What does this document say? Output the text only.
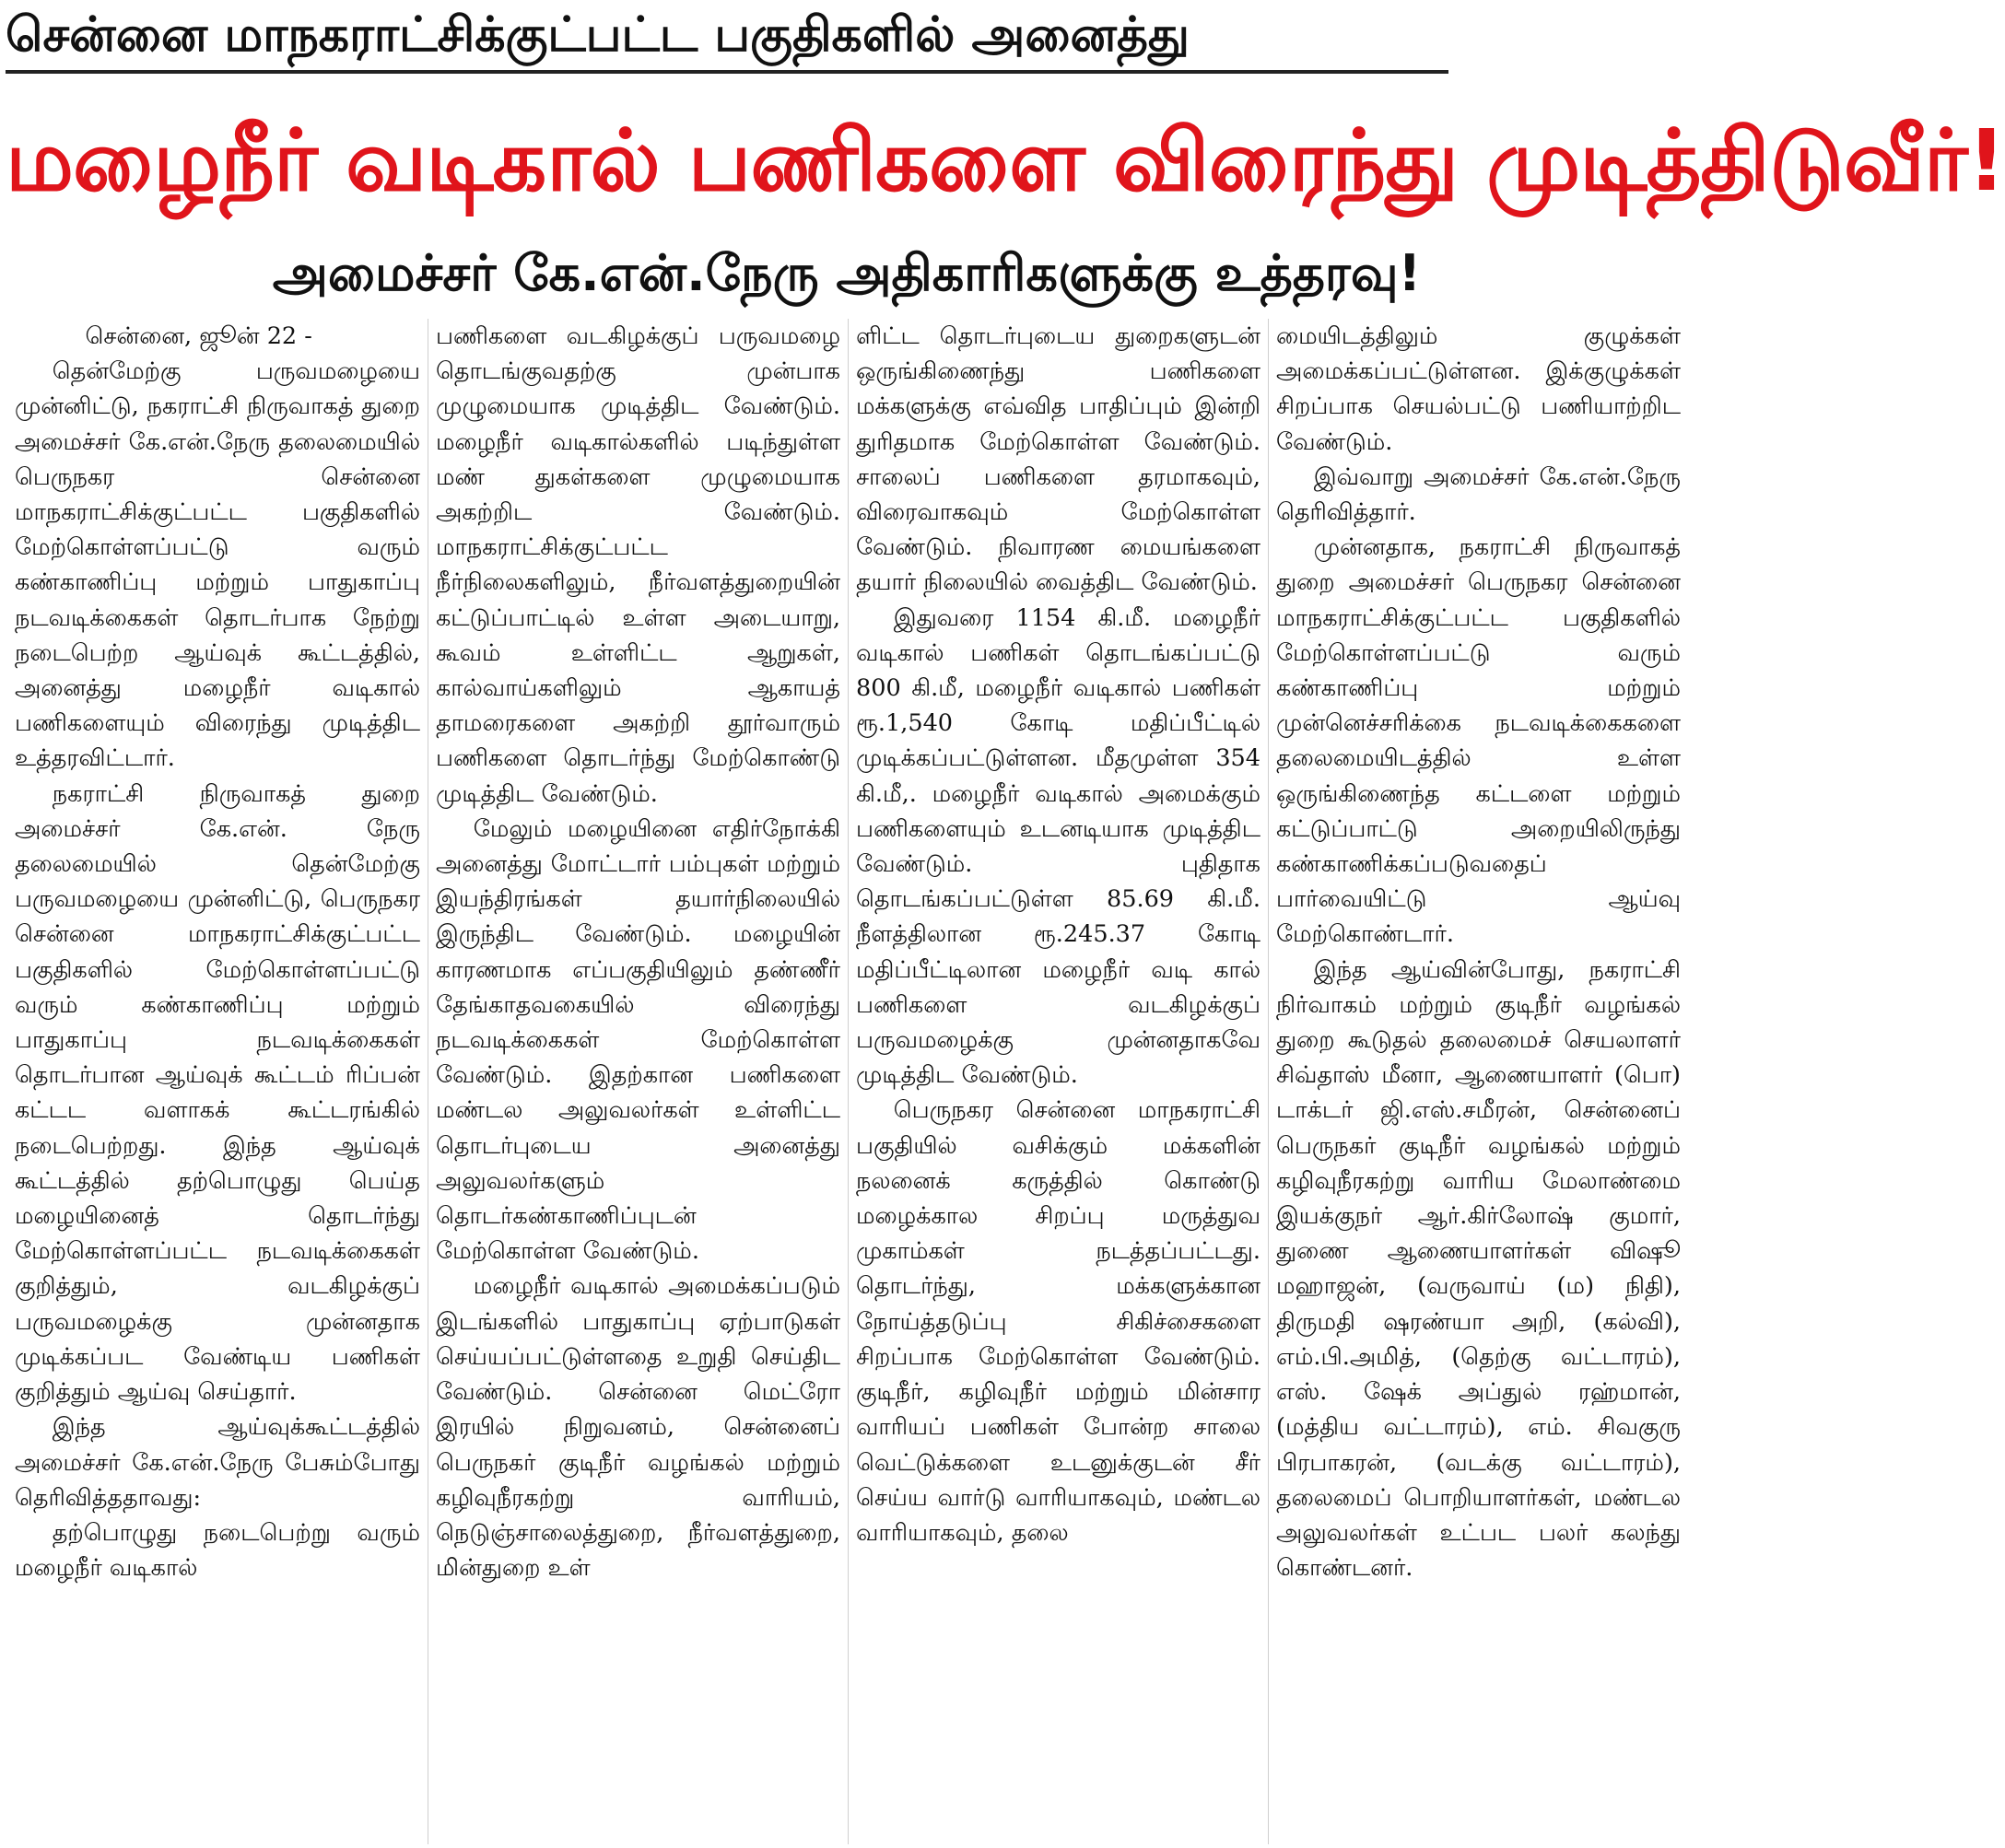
சென்னை மாநகராட்சிக்குட்பட்ட பகுதிகளில் அனைத்து
மழைநீர் வடிகால் பணிகளை விரைந்து முடித்திடுவீர்!
அமைச்சர் கே.என்.நேரு அதிகாரிகளுக்கு உத்தரவு!

சென்னை, ஜூன் 22 -

தென்மேற்கு பருவமழையை முன்னிட்டு, நகராட்சி நிருவாகத் துறை அமைச்சர் கே.என்.நேரு தலைமையில் பெருநகர சென்னை மாநகராட்சிக்குட்பட்ட பகுதிகளில் மேற்கொள்ளப்பட்டு வரும் கண்காணிப்பு மற்றும் பாதுகாப்பு நடவடிக்கைகள் தொடர்பாக நேற்று நடைபெற்ற ஆய்வுக் கூட்டத்தில், அனைத்து மழைநீர் வடிகால் பணிகளையும் விரைந்து முடித்திட உத்தரவிட்டார்.

நகராட்சி நிருவாகத் துறை அமைச்சர் கே.என். நேரு தலைமையில் தென்மேற்கு பருவமழையை முன்னிட்டு, பெருநகர சென்னை மாநகராட்சிக்குட்பட்ட பகுதிகளில் மேற்கொள்ளப்பட்டு வரும் கண்காணிப்பு மற்றும் பாதுகாப்பு நடவடிக்கைகள் தொடர்பான ஆய்வுக் கூட்டம் ரிப்பன் கட்டட வளாகக் கூட்டரங்கில் நடைபெற்றது. இந்த ஆய்வுக் கூட்டத்தில் தற்பொழுது பெய்த மழையினைத் தொடர்ந்து மேற்கொள்ளப்பட்ட நடவடிக்கைகள் குறித்தும், வடகிழக்குப் பருவமழைக்கு முன்னதாக முடிக்கப்பட வேண்டிய பணிகள் குறித்தும் ஆய்வு செய்தார்.

இந்த ஆய்வுக்கூட்டத்தில் அமைச்சர் கே.என்.நேரு பேசும்போது தெரிவித்ததாவது:

தற்பொழுது நடைபெற்று வரும் மழைநீர் வடிகால்

பணிகளை வடகிழக்குப் பருவமழை தொடங்குவதற்கு முன்பாக முழுமையாக முடித்திட வேண்டும். மழைநீர் வடிகால்களில் படிந்துள்ள மண் துகள்களை முழுமையாக அகற்றிட வேண்டும். மாநகராட்சிக்குட்பட்ட நீர்நிலைகளிலும், நீர்வளத்துறையின் கட்டுப்பாட்டில் உள்ள அடையாறு, கூவம் உள்ளிட்ட ஆறுகள், கால்வாய்களிலும் ஆகாயத் தாமரைகளை அகற்றி தூர்வாரும் பணிகளை தொடர்ந்து மேற்கொண்டு முடித்திட வேண்டும்.

மேலும் மழையினை எதிர்நோக்கி அனைத்து மோட்டார் பம்புகள் மற்றும் இயந்திரங்கள் தயார்நிலையில் இருந்திட வேண்டும். மழையின் காரணமாக எப்பகுதியிலும் தண்ணீர் தேங்காதவகையில் விரைந்து நடவடிக்கைகள் மேற்கொள்ள வேண்டும். இதற்கான பணிகளை மண்டல அலுவலர்கள் உள்ளிட்ட தொடர்புடைய அனைத்து அலுவலர்களும் தொடர்கண்காணிப்புடன் மேற்கொள்ள வேண்டும்.

மழைநீர் வடிகால் அமைக்கப்படும் இடங்களில் பாதுகாப்பு ஏற்பாடுகள் செய்யப்பட்டுள்ளதை உறுதி செய்திட வேண்டும். சென்னை மெட்ரோ இரயில் நிறுவனம், சென்னைப் பெருநகர் குடிநீர் வழங்கல் மற்றும் கழிவுநீரகற்று வாரியம், நெடுஞ்சாலைத்துறை, நீர்வளத்துறை, மின்துறை உள்

ளிட்ட தொடர்புடைய துறைகளுடன் ஒருங்கிணைந்து பணிகளை மக்களுக்கு எவ்வித பாதிப்பும் இன்றி துரிதமாக மேற்கொள்ள வேண்டும். சாலைப் பணிகளை தரமாகவும், விரைவாகவும் மேற்கொள்ள வேண்டும். நிவாரண மையங்களை தயார் நிலையில் வைத்திட வேண்டும்.

இதுவரை 1154 கி.மீ. மழைநீர் வடிகால் பணிகள் தொடங்கப்பட்டு 800 கி.மீ, மழைநீர் வடிகால் பணிகள் ரூ.1,540 கோடி மதிப்பீட்டில் முடிக்கப்பட்டுள்ளன. மீதமுள்ள 354 கி.மீ,. மழைநீர் வடிகால் அமைக்கும் பணிகளையும் உடனடியாக முடித்திட வேண்டும். புதிதாக தொடங்கப்பட்டுள்ள 85.69 கி.மீ. நீளத்திலான ரூ.245.37 கோடி மதிப்பீட்டிலான மழைநீர் வடி கால் பணிகளை வடகிழக்குப் பருவமழைக்கு முன்னதாகவே முடித்திட வேண்டும்.

பெருநகர சென்னை மாநகராட்சி பகுதியில் வசிக்கும் மக்களின் நலனைக் கருத்தில் கொண்டு மழைக்கால சிறப்பு மருத்துவ முகாம்கள் நடத்தப்பட்டது. தொடர்ந்து, மக்களுக்கான நோய்த்தடுப்பு சிகிச்சைகளை சிறப்பாக மேற்கொள்ள வேண்டும். குடிநீர், கழிவுநீர் மற்றும் மின்சார வாரியப் பணிகள் போன்ற சாலை வெட்டுக்களை உடனுக்குடன் சீர் செய்ய வார்டு வாரியாகவும், மண்டல வாரியாகவும், தலை

மையிடத்திலும் குழுக்கள் அமைக்கப்பட்டுள்ளன. இக்குழுக்கள் சிறப்பாக செயல்பட்டு பணியாற்றிட வேண்டும்.

இவ்வாறு அமைச்சர் கே.என்.நேரு தெரிவித்தார்.

முன்னதாக, நகராட்சி நிருவாகத் துறை அமைச்சர் பெருநகர சென்னை மாநகராட்சிக்குட்பட்ட பகுதிகளில் மேற்கொள்ளப்பட்டு வரும் கண்காணிப்பு மற்றும் முன்னெச்சரிக்கை நடவடிக்கைகளை தலைமையிடத்தில் உள்ள ஒருங்கிணைந்த கட்டளை மற்றும் கட்டுப்பாட்டு அறையிலிருந்து கண்காணிக்கப்படுவதைப் பார்வையிட்டு ஆய்வு மேற்கொண்டார்.

இந்த ஆய்வின்போது, நகராட்சி நிர்வாகம் மற்றும் குடிநீர் வழங்கல் துறை கூடுதல் தலைமைச் செயலாளர் சிவ்தாஸ் மீனா, ஆணையாளர் (பொ) டாக்டர் ஜி.எஸ்.சமீரன், சென்னைப் பெருநகர் குடிநீர் வழங்கல் மற்றும் கழிவுநீரகற்று வாரிய மேலாண்மை இயக்குநர் ஆர்.கிர்லோஷ் குமார், துணை ஆணையாளர்கள் விஷூ மஹாஜன், (வருவாய் (ம) நிதி), திருமதி ஷரண்யா அறி, (கல்வி), எம்.பி.அமித், (தெற்கு வட்டாரம்), எஸ். ஷேக் அப்துல் ரஹ்மான், (மத்திய வட்டாரம்), எம். சிவகுரு பிரபாகரன், (வடக்கு வட்டாரம்), தலைமைப் பொறியாளர்கள், மண்டல அலுவலர்கள் உட்பட பலர் கலந்து கொண்டனர்.
